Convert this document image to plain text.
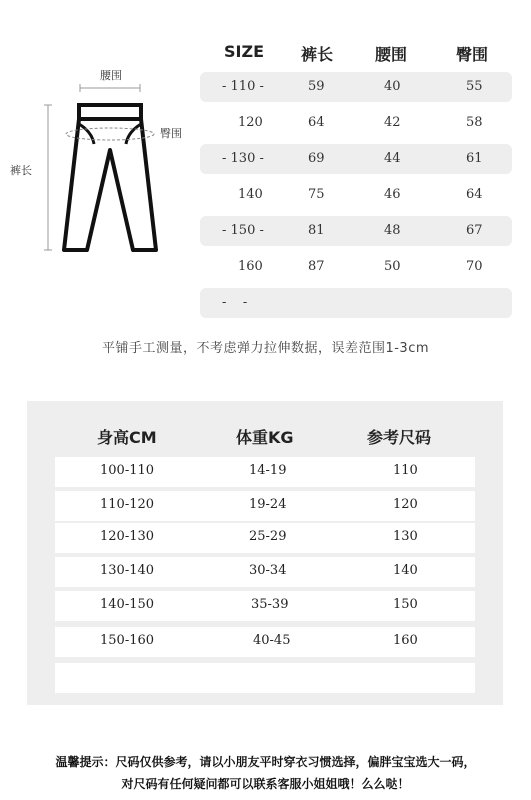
腰围
臀围
裤长
SIZE 裤长	腰围	臀围
- 110 -	59	40	55
120	64	42	58
- 130 -	69	44	61
140	75	46	64
- 150 -	81	48	67
160	87	50	70
-    -
平铺手工测量，不考虑弹力拉伸数据，误差范围1-3cm
身高CM	体重KG	参考尺码
100-110	14-19	110
110-120	19-24	120
120-130	25-29	130
130-140	30-34	140
140-150	35-39	150
150-160	40-45	160
温馨提示：尺码仅供参考，请以小朋友平时穿衣习惯选择，偏胖宝宝选大一码，
对尺码有任何疑问都可以联系客服小姐姐哦！么么哒！
